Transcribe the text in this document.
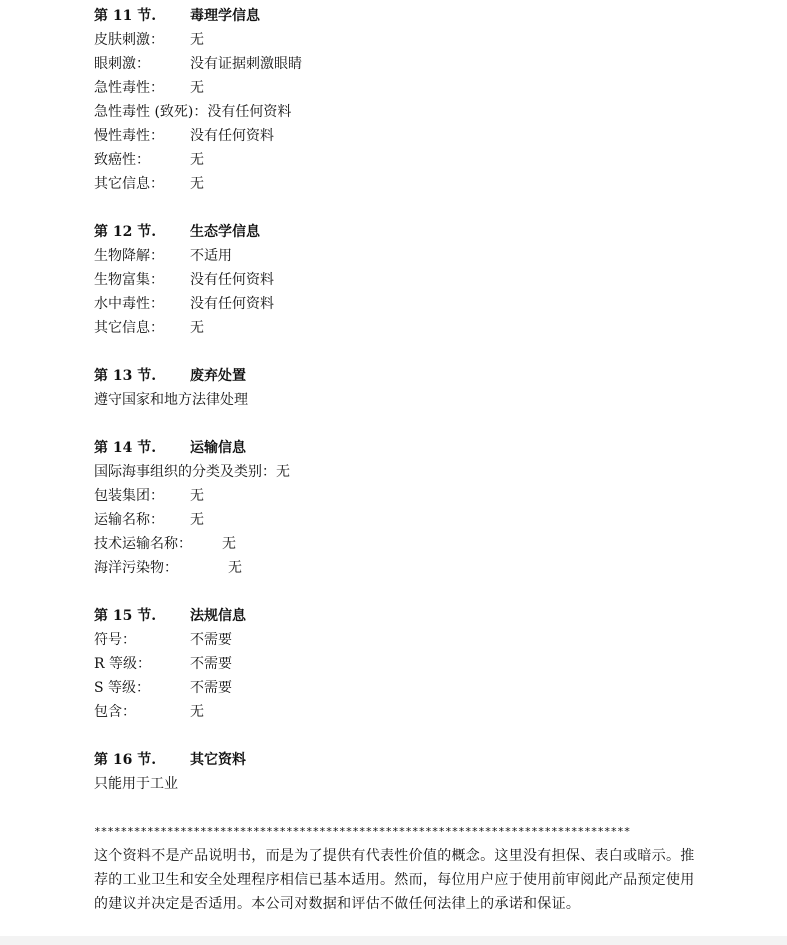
第 11 节. 毒理学信息
皮肤刺激： 无
眼刺激：	没有证据刺激眼睛
急性毒性： 无
急性毒性 (致死)：没有任何资料
慢性毒性： 没有任何资料
致癌性：	无
其它信息： 无
第 12 节. 生态学信息
生物降解： 不适用
生物富集： 没有任何资料
水中毒性： 没有任何资料
其它信息： 无
第 13 节. 废弃处置
遵守国家和地方法律处理
第 14 节. 运输信息
国际海事组织的分类及类别：无
包装集团： 无
运输名称： 无
技术运输名称： 无
海洋污染物：	无
第 15 节. 法规信息
符号：	不需要
R 等级：	不需要
S 等级：	不需要
包含：	无
第 16 节. 其它资料
只能用于工业
*********************************************************************************
这个资料不是产品说明书，而是为了提供有代表性价值的概念。这里没有担保、表白或暗示。推荐的工业卫生和安全处理程序相信已基本适用。然而，每位用户应于使用前审阅此产品预定使用的建议并决定是否适用。本公司对数据和评估不做任何法律上的承诺和保证。
